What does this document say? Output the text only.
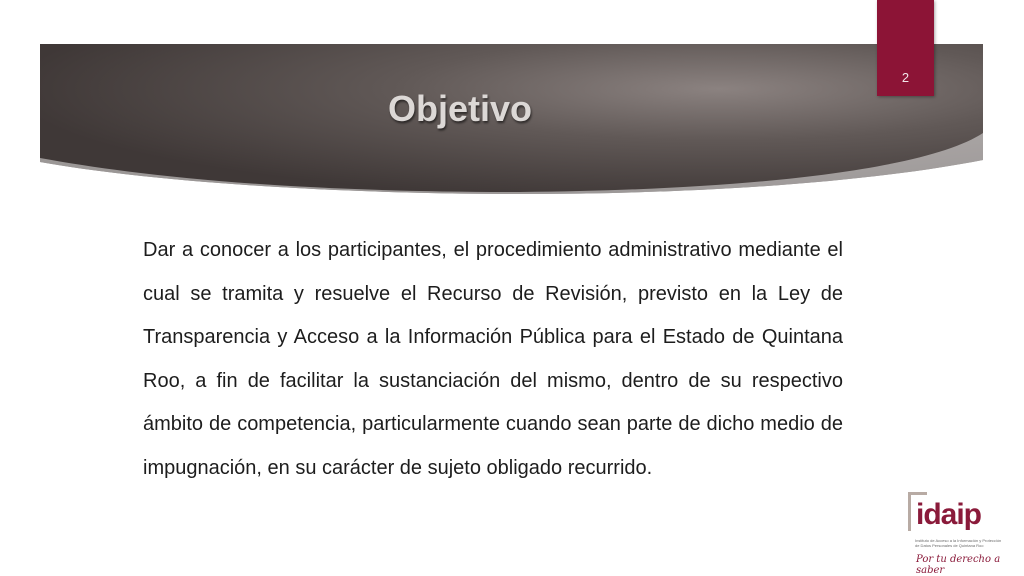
Objetivo
2

Dar a conocer a los participantes, el procedimiento administrativo mediante el cual se tramita y resuelve el Recurso de Revisión, previsto en la Ley de Transparencia y Acceso a la Información Pública para el Estado de Quintana Roo, a fin de facilitar la sustanciación del mismo, dentro de su respectivo ámbito de competencia, particularmente cuando sean parte de dicho medio de impugnación, en su carácter de sujeto obligado recurrido.

idaip
Instituto de Acceso a la Información y Protección de Datos Personales de Quintana Roo
Por tu derecho a saber
